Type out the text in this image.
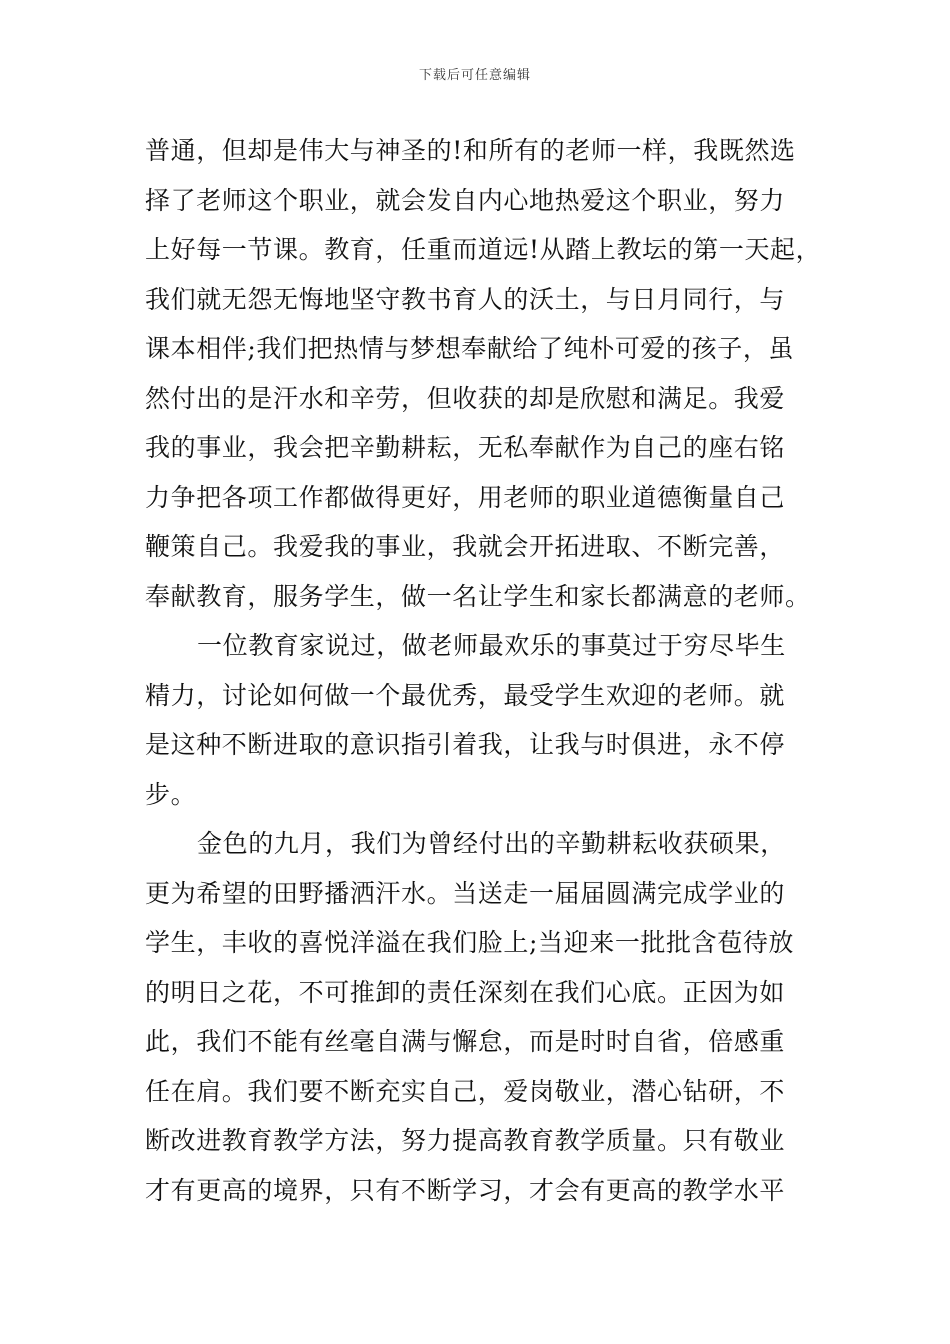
下载后可任意编辑
普通，但却是伟大与神圣的!和所有的老师一样，我既然选
择了老师这个职业，就会发自内心地热爱这个职业，努力
上好每一节课。教育，任重而道远!从踏上教坛的第一天起，
我们就无怨无悔地坚守教书育人的沃土，与日月同行，与
课本相伴;我们把热情与梦想奉献给了纯朴可爱的孩子，虽
然付出的是汗水和辛劳，但收获的却是欣慰和满足。我爱
我的事业，我会把辛勤耕耘，无私奉献作为自己的座右铭
力争把各项工作都做得更好，用老师的职业道德衡量自己
鞭策自己。我爱我的事业，我就会开拓进取、不断完善，
奉献教育，服务学生，做一名让学生和家长都满意的老师。
一位教育家说过，做老师最欢乐的事莫过于穷尽毕生
精力，讨论如何做一个最优秀，最受学生欢迎的老师。就
是这种不断进取的意识指引着我，让我与时俱进，永不停
步。
金色的九月，我们为曾经付出的辛勤耕耘收获硕果，
更为希望的田野播洒汗水。当送走一届届圆满完成学业的
学生，丰收的喜悦洋溢在我们脸上;当迎来一批批含苞待放
的明日之花，不可推卸的责任深刻在我们心底。正因为如
此，我们不能有丝毫自满与懈怠，而是时时自省，倍感重
任在肩。我们要不断充实自己，爱岗敬业，潜心钻研，不
断改进教育教学方法，努力提高教育教学质量。只有敬业
才有更高的境界，只有不断学习，才会有更高的教学水平
